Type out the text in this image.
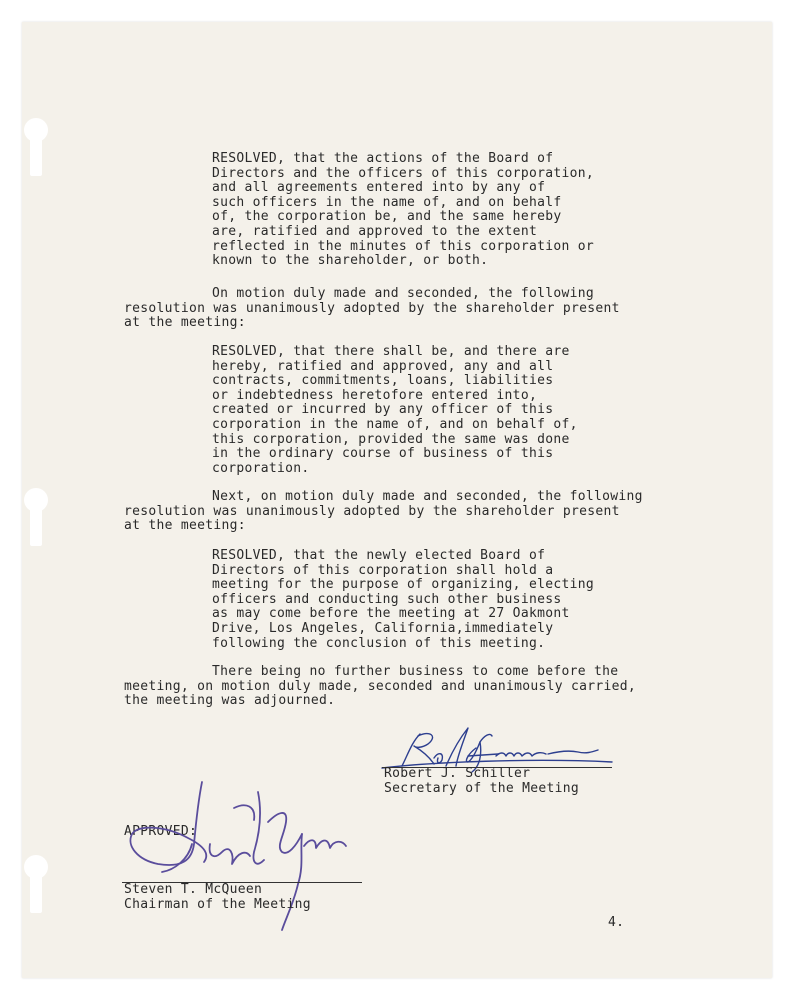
RESOLVED, that the actions of the Board of
Directors and the officers of this corporation,
and all agreements entered into by any of
such officers in the name of, and on behalf
of, the corporation be, and the same hereby
are, ratified and approved to the extent
reflected in the minutes of this corporation or
known to the shareholder, or both.
On motion duly made and seconded, the following
resolution was unanimously adopted by the shareholder present
at the meeting:
RESOLVED, that there shall be, and there are
hereby, ratified and approved, any and all
contracts, commitments, loans, liabilities
or indebtedness heretofore entered into,
created or incurred by any officer of this
corporation in the name of, and on behalf of,
this corporation, provided the same was done
in the ordinary course of business of this
corporation.
Next, on motion duly made and seconded, the following
resolution was unanimously adopted by the shareholder present
at the meeting:
RESOLVED, that the newly elected Board of
Directors of this corporation shall hold a
meeting for the purpose of organizing, electing
officers and conducting such other business
as may come before the meeting at 27 Oakmont
Drive, Los Angeles, California,immediately
following the conclusion of this meeting.
There being no further business to come before the
meeting, on motion duly made, seconded and unanimously carried,
the meeting was adjourned.
Robert J. Schiller
Secretary of the Meeting
APPROVED:
Steven T. McQueen
Chairman of the Meeting
4.
